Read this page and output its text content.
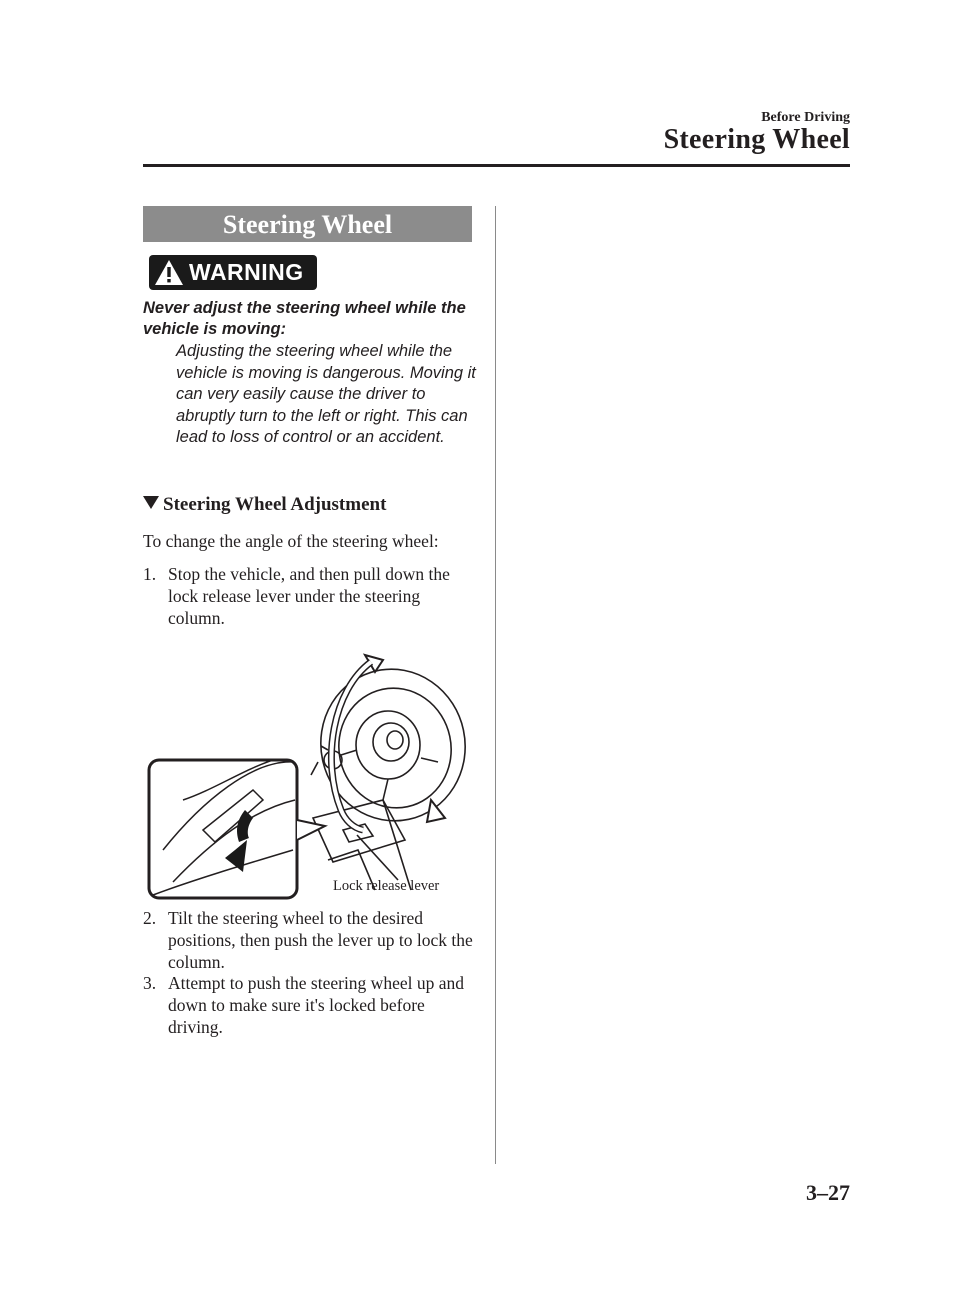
Before Driving
Steering Wheel
Steering Wheel
WARNING
Never adjust the steering wheel while the vehicle is moving:
Adjusting the steering wheel while the vehicle is moving is dangerous. Moving it can very easily cause the driver to abruptly turn to the left or right. This can lead to loss of control or an accident.
Steering Wheel Adjustment
To change the angle of the steering wheel:
1. Stop the vehicle, and then pull down the lock release lever under the steering column.
Lock release lever
2. Tilt the steering wheel to the desired positions, then push the lever up to lock the column.
3. Attempt to push the steering wheel up and down to make sure it's locked before driving.
3–27
